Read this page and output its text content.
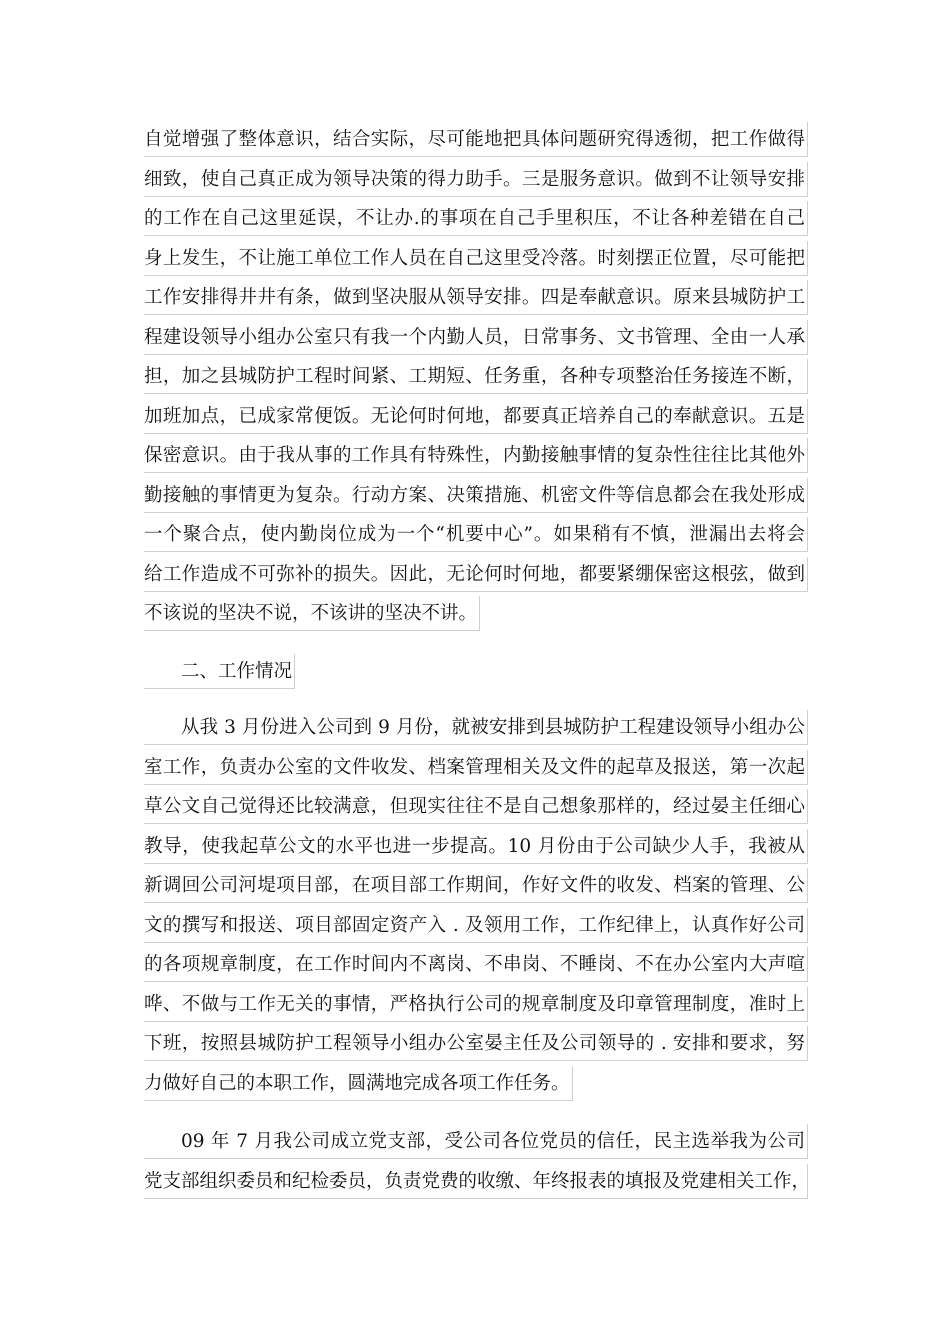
自觉增强了整体意识，结合实际，尽可能地把具体问题研究得透彻，把工作做得
细致，使自己真正成为领导决策的得力助手。三是服务意识。做到不让领导安排
的工作在自己这里延误，不让办.的事项在自己手里积压，不让各种差错在自己
身上发生，不让施工单位工作人员在自己这里受冷落。时刻摆正位置，尽可能把
工作安排得井井有条，做到坚决服从领导安排。四是奉献意识。原来县城防护工
程建设领导小组办公室只有我一个内勤人员，日常事务、文书管理、全由一人承
担，加之县城防护工程时间紧、工期短、任务重，各种专项整治任务接连不断，
加班加点，已成家常便饭。无论何时何地，都要真正培养自己的奉献意识。五是
保密意识。由于我从事的工作具有特殊性，内勤接触事情的复杂性往往比其他外
勤接触的事情更为复杂。行动方案、决策措施、机密文件等信息都会在我处形成
一个聚合点，使内勤岗位成为一个“机要中心”。如果稍有不慎，泄漏出去将会
给工作造成不可弥补的损失。因此，无论何时何地，都要紧绷保密这根弦，做到
不该说的坚决不说，不该讲的坚决不讲。
二、工作情况
从我 3 月份进入公司到 9 月份，就被安排到县城防护工程建设领导小组办公
室工作，负责办公室的文件收发、档案管理相关及文件的起草及报送，第一次起
草公文自己觉得还比较满意，但现实往往不是自己想象那样的，经过晏主任细心
教导，使我起草公文的水平也进一步提高。10 月份由于公司缺少人手，我被从
新调回公司河堤项目部，在项目部工作期间，作好文件的收发、档案的管理、公
文的撰写和报送、项目部固定资产入 . 及领用工作，工作纪律上，认真作好公司
的各项规章制度，在工作时间内不离岗、不串岗、不睡岗、不在办公室内大声喧
哗、不做与工作无关的事情，严格执行公司的规章制度及印章管理制度，准时上
下班，按照县城防护工程领导小组办公室晏主任及公司领导的 . 安排和要求，努
力做好自己的本职工作，圆满地完成各项工作任务。
09 年 7 月我公司成立党支部，受公司各位党员的信任，民主选举我为公司
党支部组织委员和纪检委员，负责党费的收缴、年终报表的填报及党建相关工作，
